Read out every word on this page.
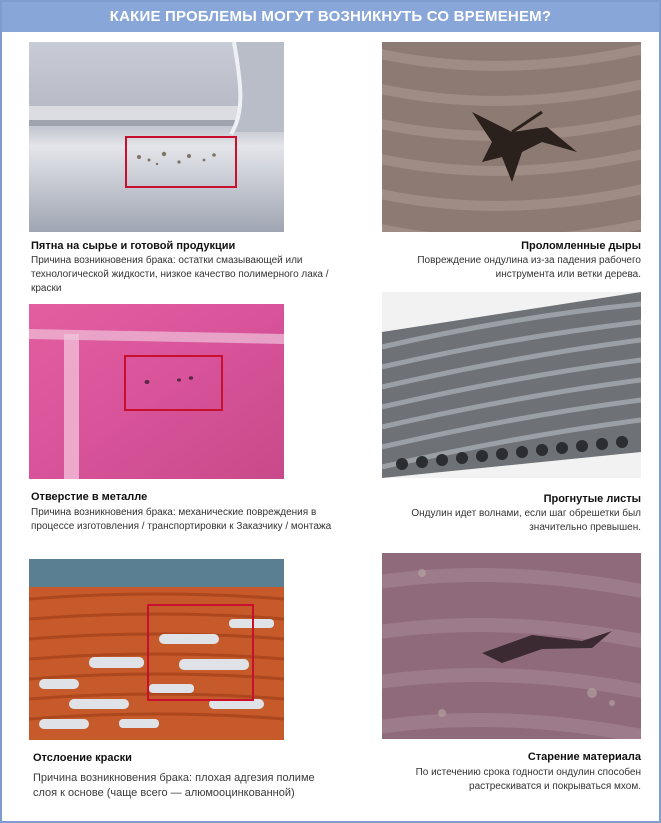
КАКИЕ ПРОБЛЕМЫ МОГУТ ВОЗНИКНУТЬ СО ВРЕМЕНЕМ?
Пятна на сырье и готовой продукции
Причина возникновения брака: остатки смазывающей или технологической жидкости, низкое качество полимерного лака /краски
Проломленные дыры
Повреждение ондулина из-за падения рабочего инструмента или ветки дерева.
Отверстие в металле
Причина возникновения брака: механические повреждения в процессе изготовления / транспортировки к Заказчику / монтажа
Прогнутые листы
Ондулин идет волнами, если шаг обрешетки был значительно превышен.
Отслоение краски
Причина возникновения брака: плохая адгезия полиме
слоя к основе (чаще всего — алюмооцинкованной)
Старение материала
По истечению срока годности ондулин способен растрескиватся и покрываться мхом.
